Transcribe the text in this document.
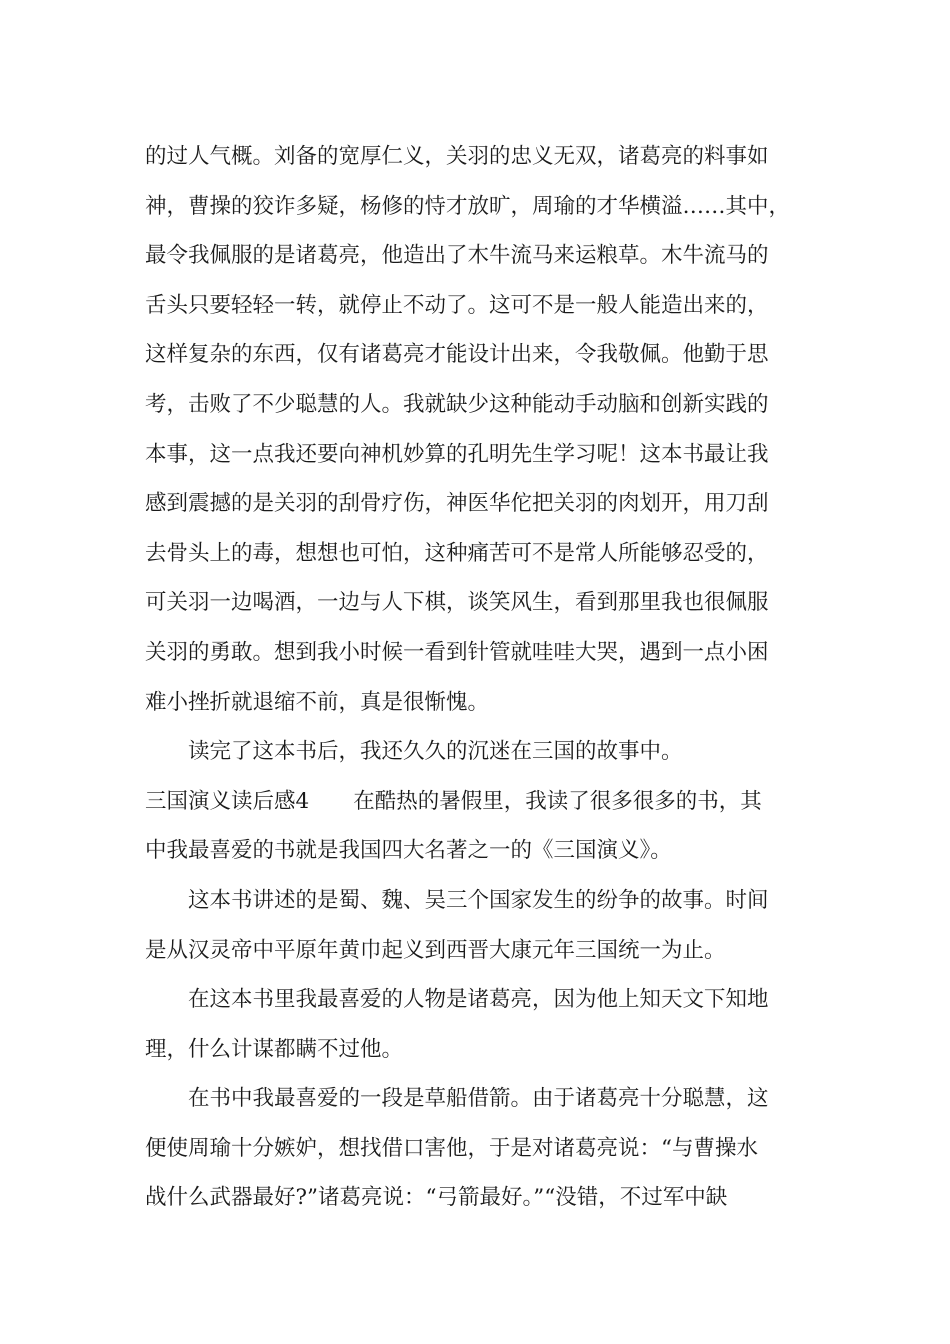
的过人气概。刘备的宽厚仁义，关羽的忠义无双，诸葛亮的料事如
神，曹操的狡诈多疑，杨修的恃才放旷，周瑜的才华横溢……其中，
最令我佩服的是诸葛亮，他造出了木牛流马来运粮草。木牛流马的
舌头只要轻轻一转，就停止不动了。这可不是一般人能造出来的，
这样复杂的东西，仅有诸葛亮才能设计出来，令我敬佩。他勤于思
考，击败了不少聪慧的人。我就缺少这种能动手动脑和创新实践的
本事，这一点我还要向神机妙算的孔明先生学习呢！这本书最让我
感到震撼的是关羽的刮骨疗伤，神医华佗把关羽的肉划开，用刀刮
去骨头上的毒，想想也可怕，这种痛苦可不是常人所能够忍受的，
可关羽一边喝酒，一边与人下棋，谈笑风生，看到那里我也很佩服
关羽的勇敢。想到我小时候一看到针管就哇哇大哭，遇到一点小困
难小挫折就退缩不前，真是很惭愧。
读完了这本书后，我还久久的沉迷在三国的故事中。
三国演义读后感4 在酷热的暑假里，我读了很多很多的书，其
中我最喜爱的书就是我国四大名著之一的《三国演义》。
这本书讲述的是蜀、魏、吴三个国家发生的纷争的故事。时间
是从汉灵帝中平原年黄巾起义到西晋大康元年三国统一为止。
在这本书里我最喜爱的人物是诸葛亮，因为他上知天文下知地
理，什么计谋都瞒不过他。
在书中我最喜爱的一段是草船借箭。由于诸葛亮十分聪慧，这
便使周瑜十分嫉妒，想找借口害他，于是对诸葛亮说：“与曹操水
战什么武器最好?”诸葛亮说：“弓箭最好。”“没错，不过军中缺
